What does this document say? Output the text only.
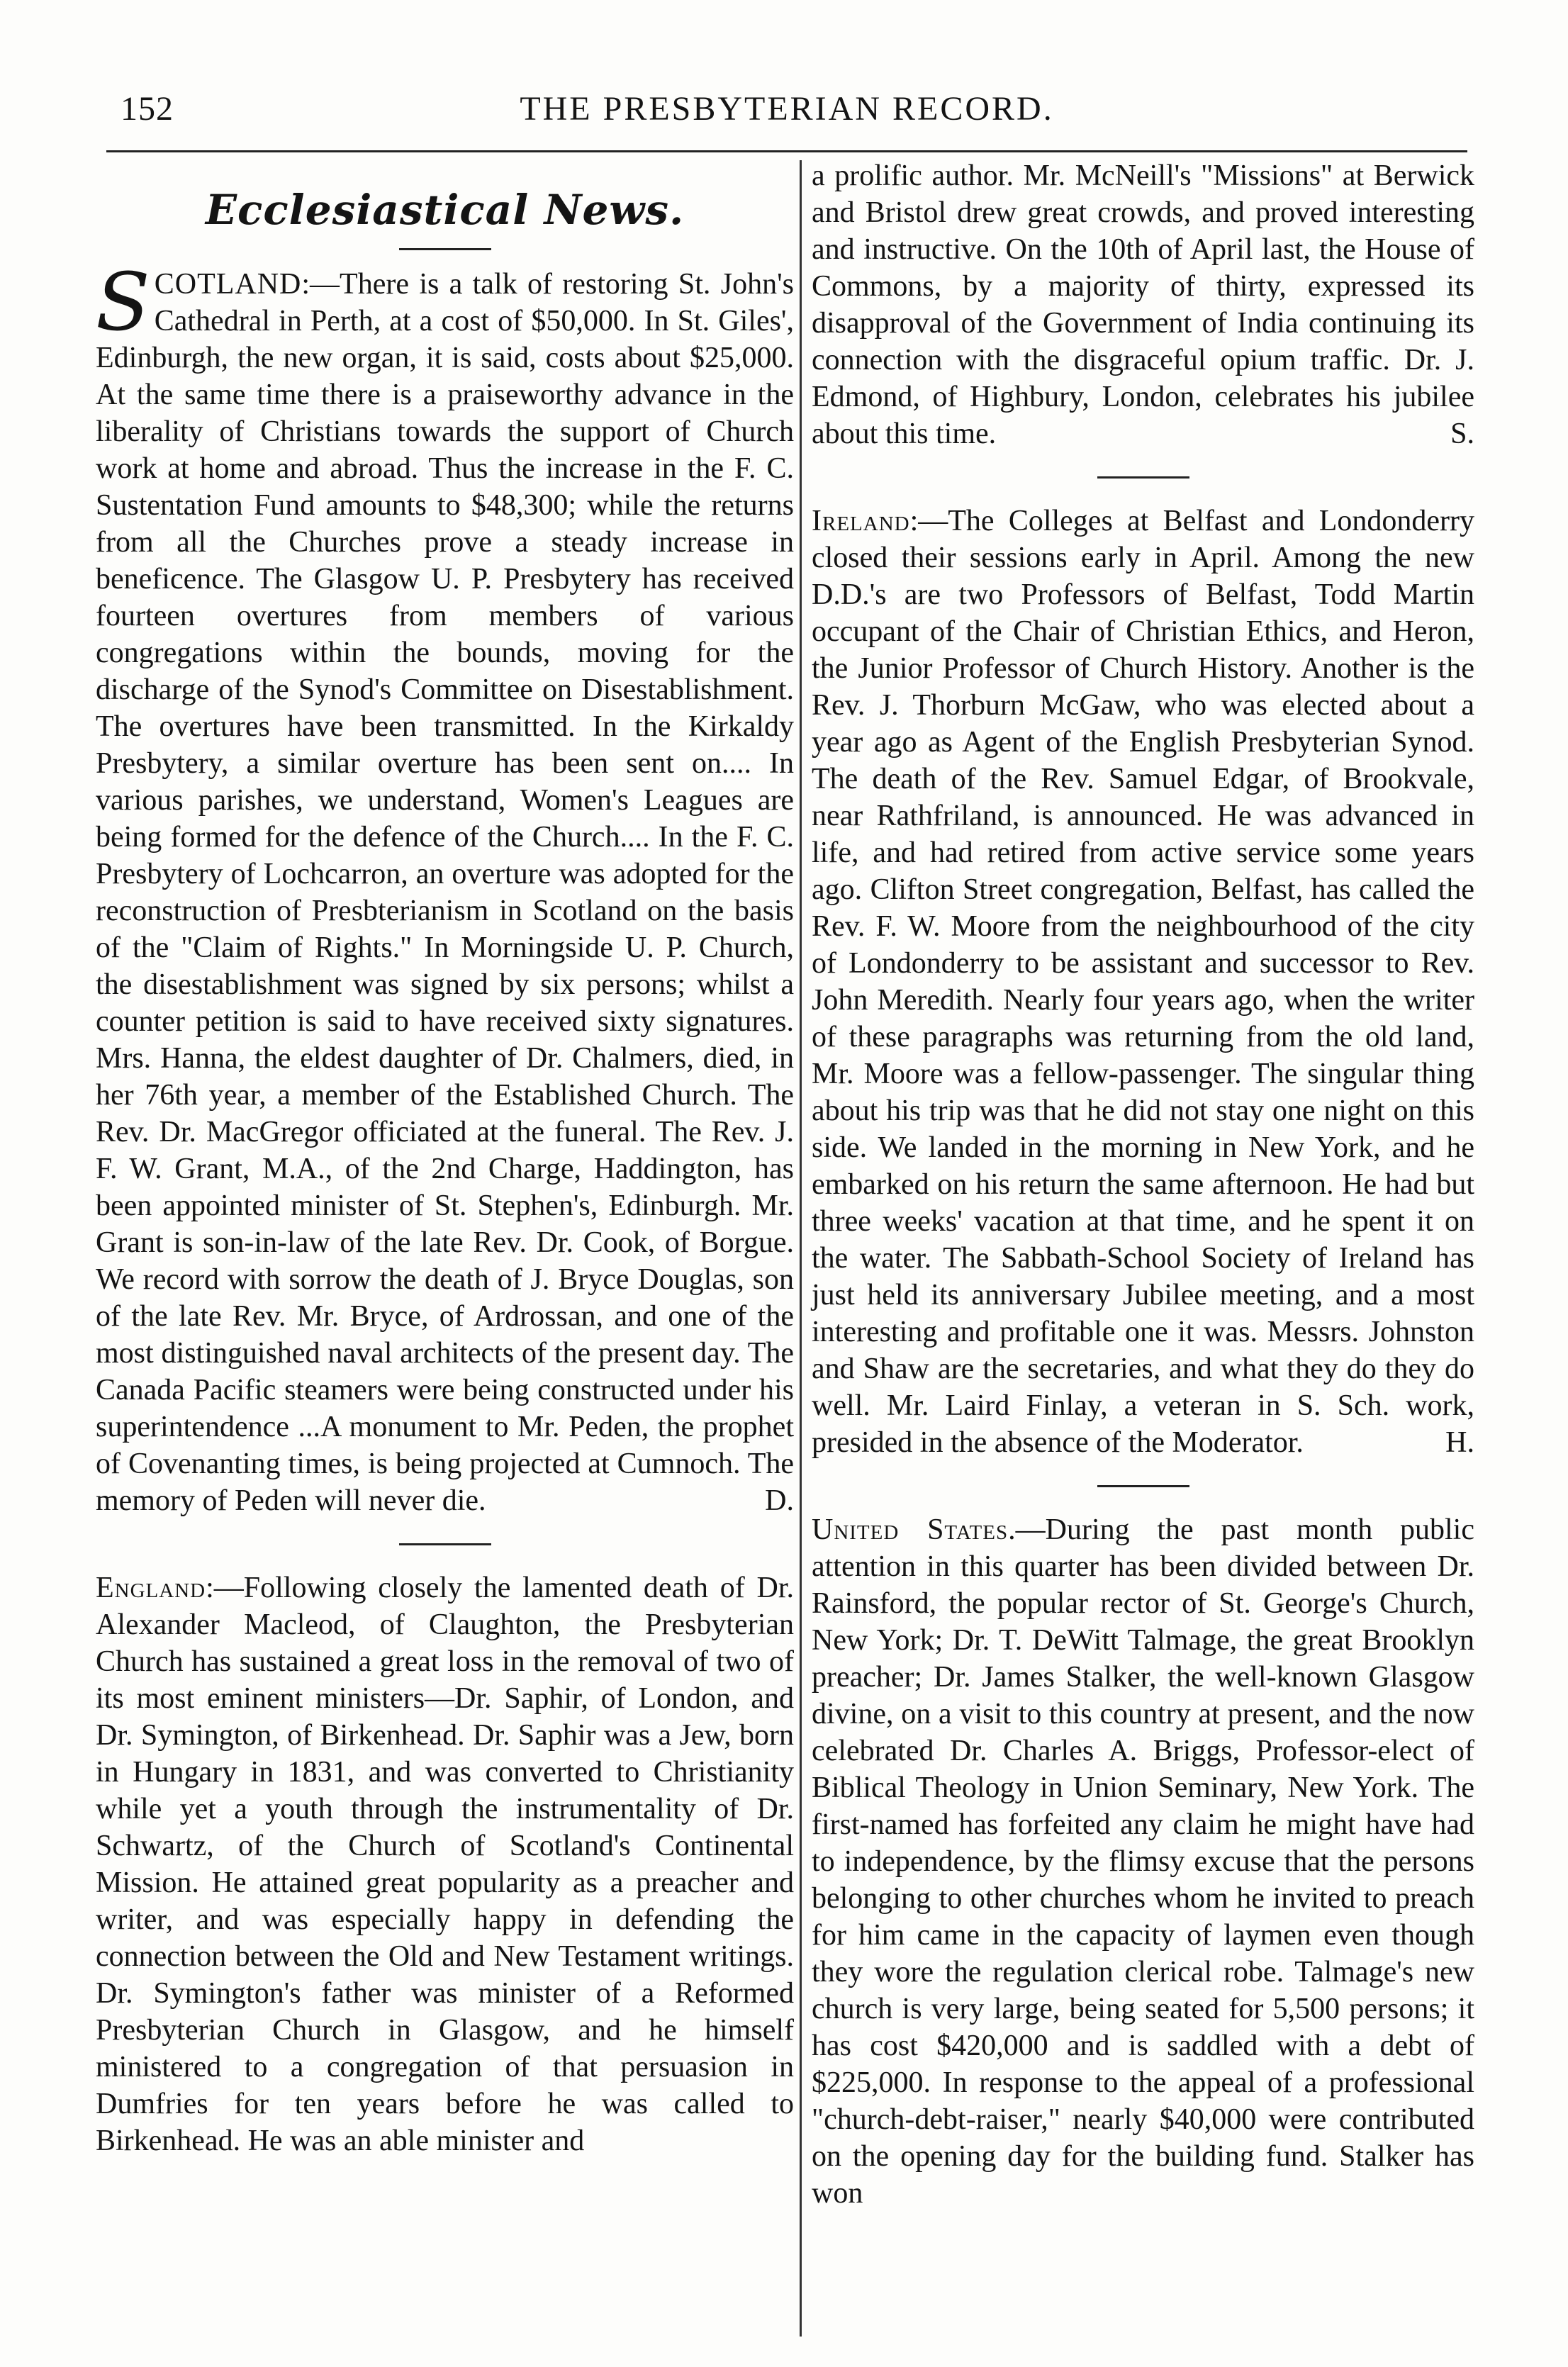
152	THE PRESBYTERIAN RECORD.
Ecclesiastical News.

SCOTLAND:—There is a talk of restoring St. John's Cathedral in Perth, at a cost of $50,000. In St. Giles', Edinburgh, the new organ, it is said, costs about $25,000. At the same time there is a praiseworthy advance in the liberality of Christians towards the support of Church work at home and abroad. Thus the increase in the F. C. Sustentation Fund amounts to $48,300; while the returns from all the Churches prove a steady increase in beneficence. The Glasgow U. P. Presbytery has received fourteen overtures from members of various congregations within the bounds, moving for the discharge of the Synod's Committee on Disestablishment. The overtures have been transmitted. In the Kirkaldy Presbytery, a similar overture has been sent on.... In various parishes, we understand, Women's Leagues are being formed for the defence of the Church.... In the F. C. Presbytery of Lochcarron, an overture was adopted for the reconstruction of Presbterianism in Scotland on the basis of the "Claim of Rights." In Morningside U. P. Church, the disestablishment was signed by six persons; whilst a counter petition is said to have received sixty signatures. Mrs. Hanna, the eldest daughter of Dr. Chalmers, died, in her 76th year, a member of the Established Church. The Rev. Dr. MacGregor officiated at the funeral. The Rev. J. F. W. Grant, M.A., of the 2nd Charge, Haddington, has been appointed minister of St. Stephen's, Edinburgh. Mr. Grant is son-in-law of the late Rev. Dr. Cook, of Borgue. We record with sorrow the death of J. Bryce Douglas, son of the late Rev. Mr. Bryce, of Ardrossan, and one of the most distinguished naval architects of the present day. The Canada Pacific steamers were being constructed under his superintendence ...A monument to Mr. Peden, the prophet of Covenanting times, is being projected at Cumnoch. The memory of Peden will never die.	D.

England:—Following closely the lamented death of Dr. Alexander Macleod, of Claughton, the Presbyterian Church has sustained a great loss in the removal of two of its most eminent ministers—Dr. Saphir, of London, and Dr. Symington, of Birkenhead. Dr. Saphir was a Jew, born in Hungary in 1831, and was converted to Christianity while yet a youth through the instrumentality of Dr. Schwartz, of the Church of Scotland's Continental Mission. He attained great popularity as a preacher and writer, and was especially happy in defending the connection between the Old and New Testament writings. Dr. Symington's father was minister of a Reformed Presbyterian Church in Glasgow, and he himself ministered to a congregation of that persuasion in Dumfries for ten years before he was called to Birkenhead. He was an able minister and

a prolific author. Mr. McNeill's "Missions" at Berwick and Bristol drew great crowds, and proved interesting and instructive. On the 10th of April last, the House of Commons, by a majority of thirty, expressed its disapproval of the Government of India continuing its connection with the disgraceful opium traffic. Dr. J. Edmond, of Highbury, London, celebrates his jubilee about this time.	S.

Ireland:—The Colleges at Belfast and Londonderry closed their sessions early in April. Among the new D.D.'s are two Professors of Belfast, Todd Martin occupant of the Chair of Christian Ethics, and Heron, the Junior Professor of Church History. Another is the Rev. J. Thorburn McGaw, who was elected about a year ago as Agent of the English Presbyterian Synod. The death of the Rev. Samuel Edgar, of Brookvale, near Rathfriland, is announced. He was advanced in life, and had retired from active service some years ago. Clifton Street congregation, Belfast, has called the Rev. F. W. Moore from the neighbourhood of the city of Londonderry to be assistant and successor to Rev. John Meredith. Nearly four years ago, when the writer of these paragraphs was returning from the old land, Mr. Moore was a fellow-passenger. The singular thing about his trip was that he did not stay one night on this side. We landed in the morning in New York, and he embarked on his return the same afternoon. He had but three weeks' vacation at that time, and he spent it on the water. The Sabbath-School Society of Ireland has just held its anniversary Jubilee meeting, and a most interesting and profitable one it was. Messrs. Johnston and Shaw are the secretaries, and what they do they do well. Mr. Laird Finlay, a veteran in S. Sch. work, presided in the absence of the Moderator.	H.

United States.—During the past month public attention in this quarter has been divided between Dr. Rainsford, the popular rector of St. George's Church, New York; Dr. T. DeWitt Talmage, the great Brooklyn preacher; Dr. James Stalker, the well-known Glasgow divine, on a visit to this country at present, and the now celebrated Dr. Charles A. Briggs, Professor-elect of Biblical Theology in Union Seminary, New York. The first-named has forfeited any claim he might have had to independence, by the flimsy excuse that the persons belonging to other churches whom he invited to preach for him came in the capacity of laymen even though they wore the regulation clerical robe. Talmage's new church is very large, being seated for 5,500 persons; it has cost $420,000 and is saddled with a debt of $225,000. In response to the appeal of a professional "church-debt-raiser," nearly $40,000 were contributed on the opening day for the building fund. Stalker has won
